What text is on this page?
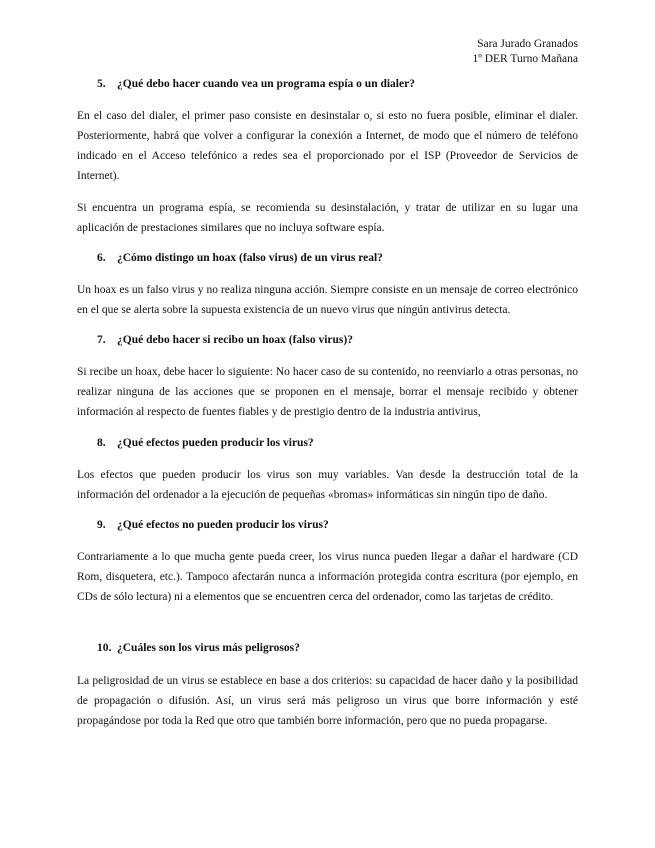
Sara Jurado Granados
1º DER Turno Mañana
5. ¿Qué debo hacer cuando vea un programa espía o un dialer?
En el caso del dialer, el primer paso consiste en desinstalar o, si esto no fuera posible, eliminar el dialer. Posteriormente, habrá que volver a configurar la conexión a Internet, de modo que el número de teléfono indicado en el Acceso telefónico a redes sea el proporcionado por el ISP (Proveedor de Servicios de Internet).
Si encuentra un programa espía, se recomienda su desinstalación, y tratar de utilizar en su lugar una aplicación de prestaciones similares que no incluya software espía.
6. ¿Cómo distingo un hoax (falso virus) de un virus real?
Un hoax es un falso virus y no realiza ninguna acción. Siempre consiste en un mensaje de correo electrónico en el que se alerta sobre la supuesta existencia de un nuevo virus que ningún antivirus detecta.
7. ¿Qué debo hacer si recibo un hoax (falso virus)?
Si recibe un hoax, debe hacer lo siguiente: No hacer caso de su contenido, no reenviarlo a otras personas, no realizar ninguna de las acciones que se proponen en el mensaje, borrar el mensaje recibido y obtener información al respecto de fuentes fiables y de prestigio dentro de la industria antivirus,
8. ¿Qué efectos pueden producir los virus?
Los efectos que pueden producir los virus son muy variables. Van desde la destrucción total de la información del ordenador a la ejecución de pequeñas «bromas» informáticas sin ningún tipo de daño.
9. ¿Qué efectos no pueden producir los virus?
Contrariamente a lo que mucha gente pueda creer, los virus nunca pueden llegar a dañar el hardware (CD Rom, disquetera, etc.). Tampoco afectarán nunca a información protegida contra escritura (por ejemplo, en CDs de sólo lectura) ni a elementos que se encuentren cerca del ordenador, como las tarjetas de crédito.
10. ¿Cuáles son los virus más peligrosos?
La peligrosidad de un virus se establece en base a dos criterios: su capacidad de hacer daño y la posibilidad de propagación o difusión. Así, un virus será más peligroso un virus que borre información y esté propagándose por toda la Red que otro que también borre información, pero que no pueda propagarse.
